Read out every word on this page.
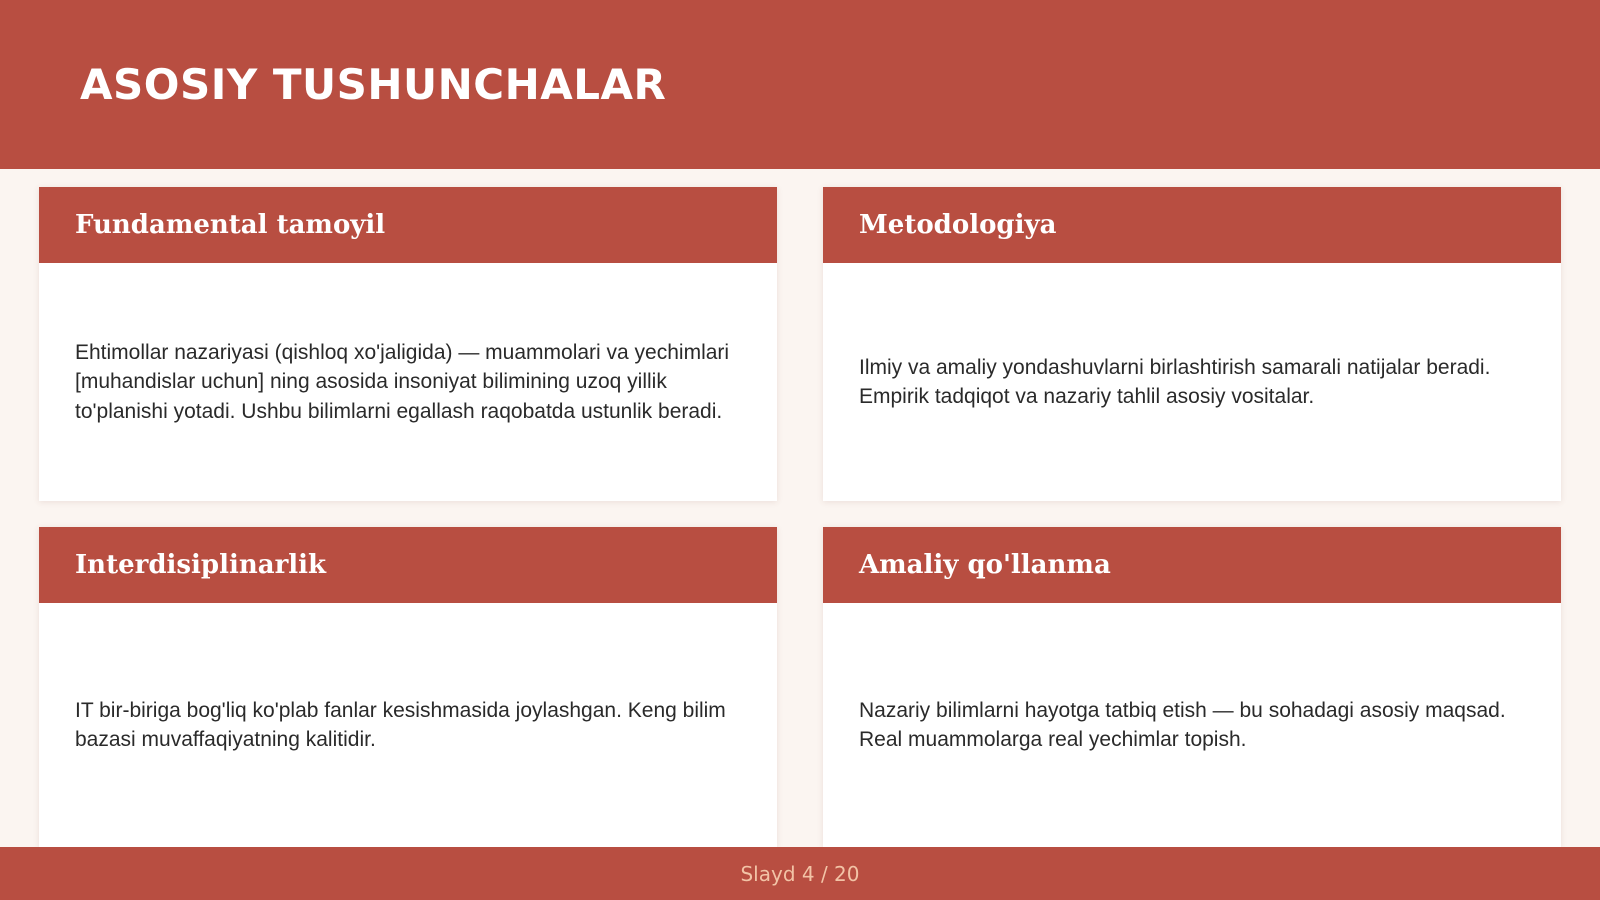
ASOSIY TUSHUNCHALAR
Fundamental tamoyil

Ehtimollar nazariyasi (qishloq xo'jaligida) — muammolari va yechimlari [muhandislar uchun] ning asosida insoniyat bilimining uzoq yillik to'planishi yotadi. Ushbu bilimlarni egallash raqobatda ustunlik beradi.

Metodologiya

Ilmiy va amaliy yondashuvlarni birlashtirish samarali natijalar beradi. Empirik tadqiqot va nazariy tahlil asosiy vositalar.

Interdisiplinarlik

IT bir-biriga bog'liq ko'plab fanlar kesishmasida joylashgan. Keng bilim bazasi muvaffaqiyatning kalitidir.

Amaliy qo'llanma

Nazariy bilimlarni hayotga tatbiq etish — bu sohadagi asosiy maqsad. Real muammolarga real yechimlar topish.

Slayd 4 / 20
